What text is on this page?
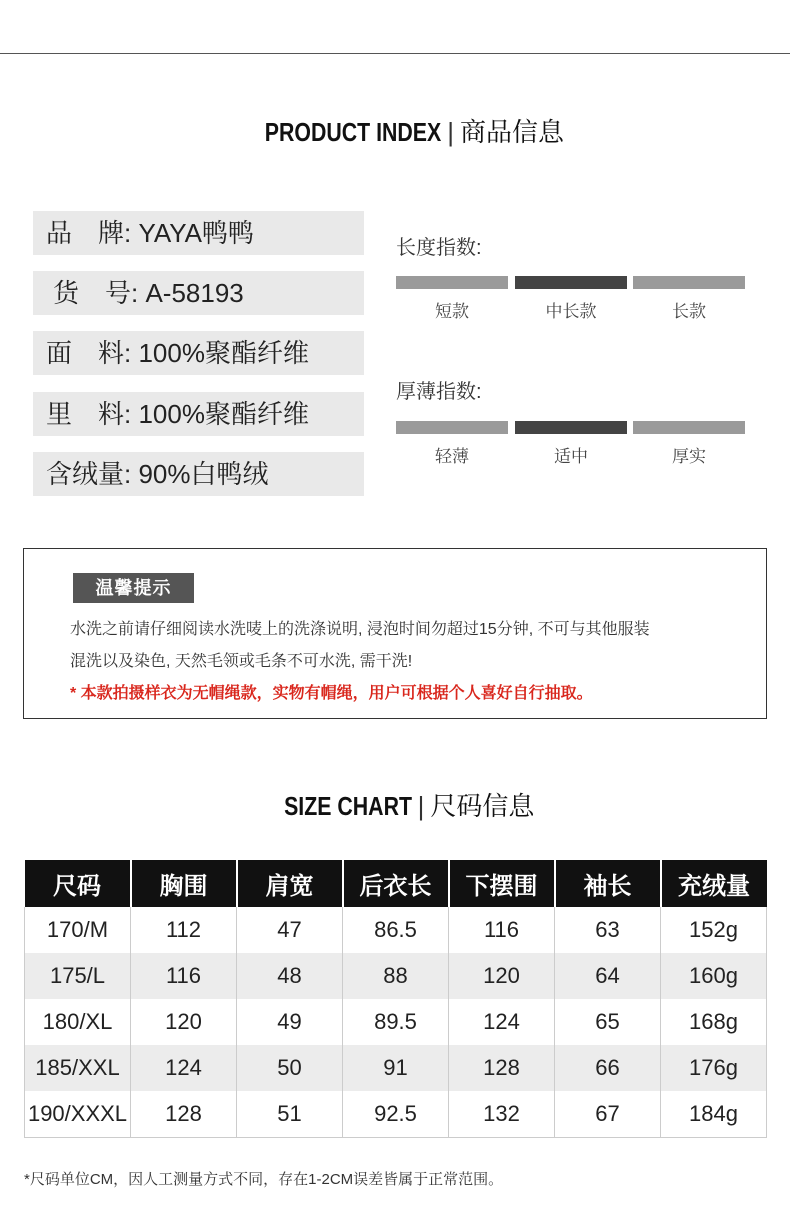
PRODUCT INDEX | 商品信息
品　牌: YAYA鸭鸭
货　号: A-58193
面　料: 100%聚酯纤维
里　料: 100%聚酯纤维
含绒量: 90%白鸭绒
长度指数:
短款	中长款	长款
厚薄指数:
轻薄	适中	厚实
温馨提示
水洗之前请仔细阅读水洗唛上的洗涤说明, 浸泡时间勿超过15分钟, 不可与其他服装
混洗以及染色, 天然毛领或毛条不可水洗, 需干洗!
* 本款拍摄样衣为无帽绳款，实物有帽绳，用户可根据个人喜好自行抽取。
SIZE CHART | 尺码信息
尺码	胸围	肩宽	后衣长	下摆围	袖长	充绒量
170/M	112	47	86.5	116	63	152g
175/L	116	48	88	120	64	160g
180/XL	120	49	89.5	124	65	168g
185/XXL	124	50	91	128	66	176g
190/XXXL	128	51	92.5	132	67	184g
*尺码单位CM，因人工测量方式不同，存在1-2CM误差皆属于正常范围。
